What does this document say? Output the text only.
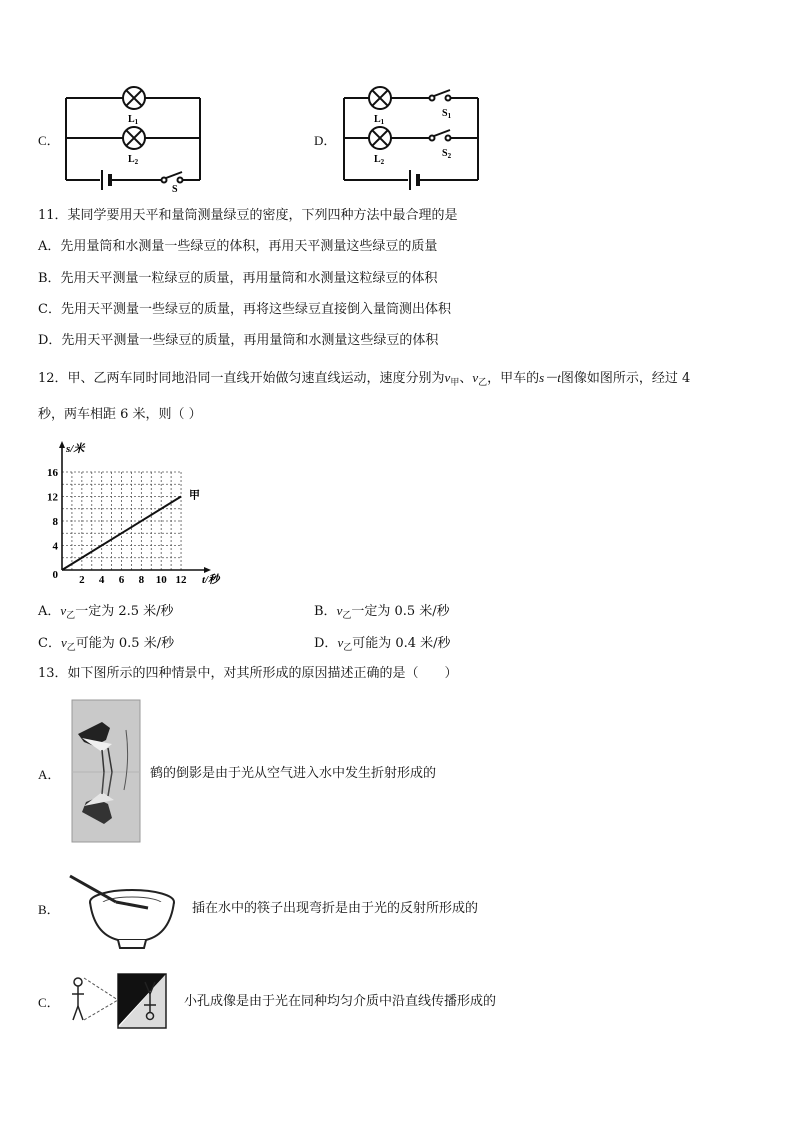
C．
$L_1$
$L_2$
S
D．
$L_1$
$L_2$
$S_1$
$S_2$
11．某同学要用天平和量筒测量绿豆的密度，下列四种方法中最合理的是
A．先用量筒和水测量一些绿豆的体积，再用天平测量这些绿豆的质量
B．先用天平测量一粒绿豆的质量，再用量筒和水测量这粒绿豆的体积
C．先用天平测量一些绿豆的质量，再将这些绿豆直接倒入量筒测出体积
D．先用天平测量一些绿豆的质量，再用量筒和水测量这些绿豆的体积
12．甲、乙两车同时同地沿同一直线开始做匀速直线运动，速度分别为$v_甲$、$v_乙$，甲车的s－t图像如图所示，经过 4
秒，两车相距 6 米，则（ ）
2 4 6 8 10 12
4
8
12
16
0
s/米
t/秒
甲
A．$v_乙$一定为 2.5 米/秒	B．$v_乙$一定为 0.5 米/秒
C．$v_乙$可能为 0.5 米/秒	D．$v_乙$可能为 0.4 米/秒
13．如下图所示的四种情景中，对其所形成的原因描述正确的是（　　）
A．	鹤的倒影是由于光从空气进入水中发生折射形成的
B．	插在水中的筷子出现弯折是由于光的反射所形成的
C．	小孔成像是由于光在同种均匀介质中沿直线传播形成的
